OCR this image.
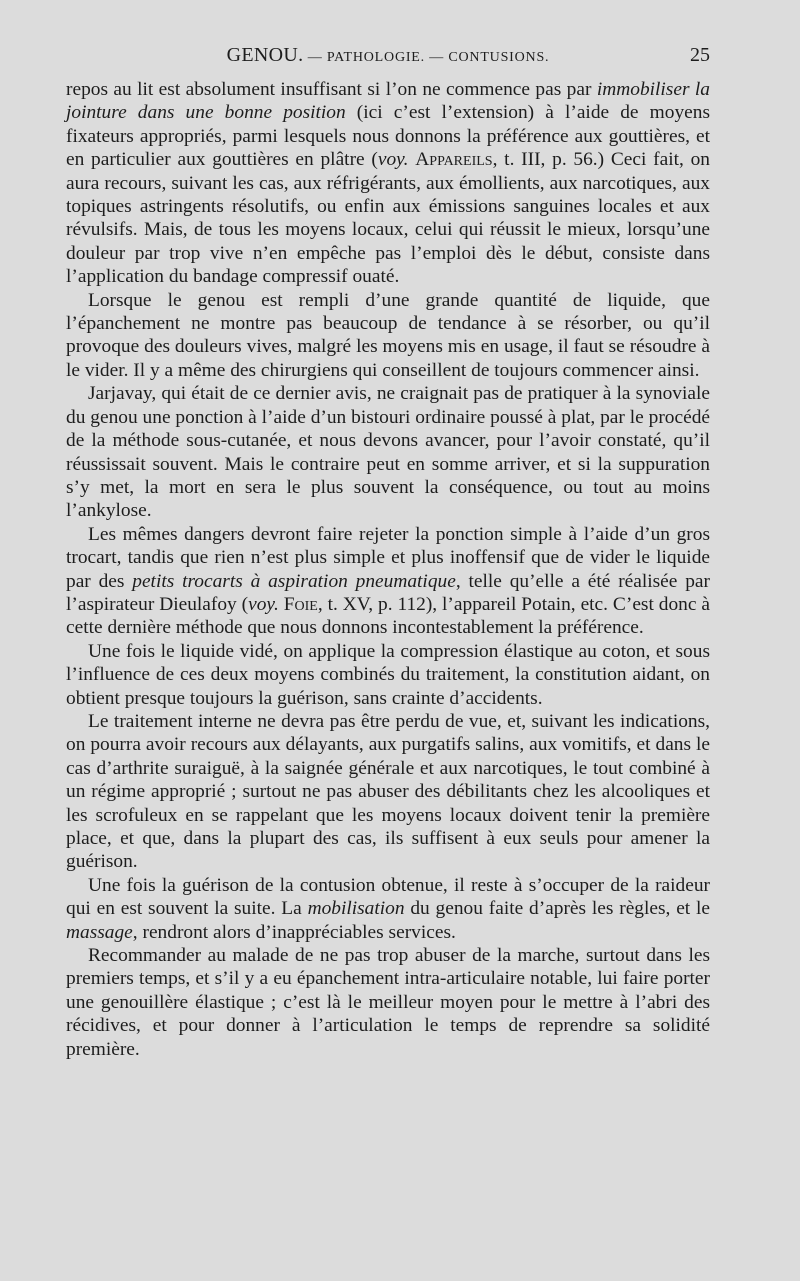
GENOU. — PATHOLOGIE. — CONTUSIONS.	25

repos au lit est absolument insuffisant si l’on ne commence pas par immobiliser la jointure dans une bonne position (ici c’est l’extension) à l’aide de moyens fixateurs appropriés, parmi lesquels nous donnons la préférence aux gouttières, et en particulier aux gouttières en plâtre (voy. Appareils, t. III, p. 56.) Ceci fait, on aura recours, suivant les cas, aux réfrigérants, aux émollients, aux narcotiques, aux topiques astringents résolutifs, ou enfin aux émissions sanguines locales et aux révulsifs. Mais, de tous les moyens locaux, celui qui réussit le mieux, lorsqu’une douleur par trop vive n’en empêche pas l’emploi dès le début, consiste dans l’application du bandage compressif ouaté.

Lorsque le genou est rempli d’une grande quantité de liquide, que l’épanchement ne montre pas beaucoup de tendance à se résorber, ou qu’il provoque des douleurs vives, malgré les moyens mis en usage, il faut se résoudre à le vider. Il y a même des chirurgiens qui conseillent de toujours commencer ainsi.

Jarjavay, qui était de ce dernier avis, ne craignait pas de pratiquer à la synoviale du genou une ponction à l’aide d’un bistouri ordinaire poussé à plat, par le procédé de la méthode sous-cutanée, et nous devons avancer, pour l’avoir constaté, qu’il réussissait souvent. Mais le contraire peut en somme arriver, et si la suppuration s’y met, la mort en sera le plus souvent la conséquence, ou tout au moins l’ankylose.

Les mêmes dangers devront faire rejeter la ponction simple à l’aide d’un gros trocart, tandis que rien n’est plus simple et plus inoffensif que de vider le liquide par des petits trocarts à aspiration pneumatique, telle qu’elle a été réalisée par l’aspirateur Dieulafoy (voy. Foie, t. XV, p. 112), l’appareil Potain, etc. C’est donc à cette dernière méthode que nous donnons incontestablement la préférence.

Une fois le liquide vidé, on applique la compression élastique au coton, et sous l’influence de ces deux moyens combinés du traitement, la constitution aidant, on obtient presque toujours la guérison, sans crainte d’accidents.

Le traitement interne ne devra pas être perdu de vue, et, suivant les indications, on pourra avoir recours aux délayants, aux purgatifs salins, aux vomitifs, et dans le cas d’arthrite suraiguë, à la saignée générale et aux narcotiques, le tout combiné à un régime approprié ; surtout ne pas abuser des débilitants chez les alcooliques et les scrofuleux en se rappelant que les moyens locaux doivent tenir la première place, et que, dans la plupart des cas, ils suffisent à eux seuls pour amener la guérison.

Une fois la guérison de la contusion obtenue, il reste à s’occuper de la raideur qui en est souvent la suite. La mobilisation du genou faite d’après les règles, et le massage, rendront alors d’inappréciables services.

Recommander au malade de ne pas trop abuser de la marche, surtout dans les premiers temps, et s’il y a eu épanchement intra-articulaire notable, lui faire porter une genouillère élastique ; c’est là le meilleur moyen pour le mettre à l’abri des récidives, et pour donner à l’articulation le temps de reprendre sa solidité première.
